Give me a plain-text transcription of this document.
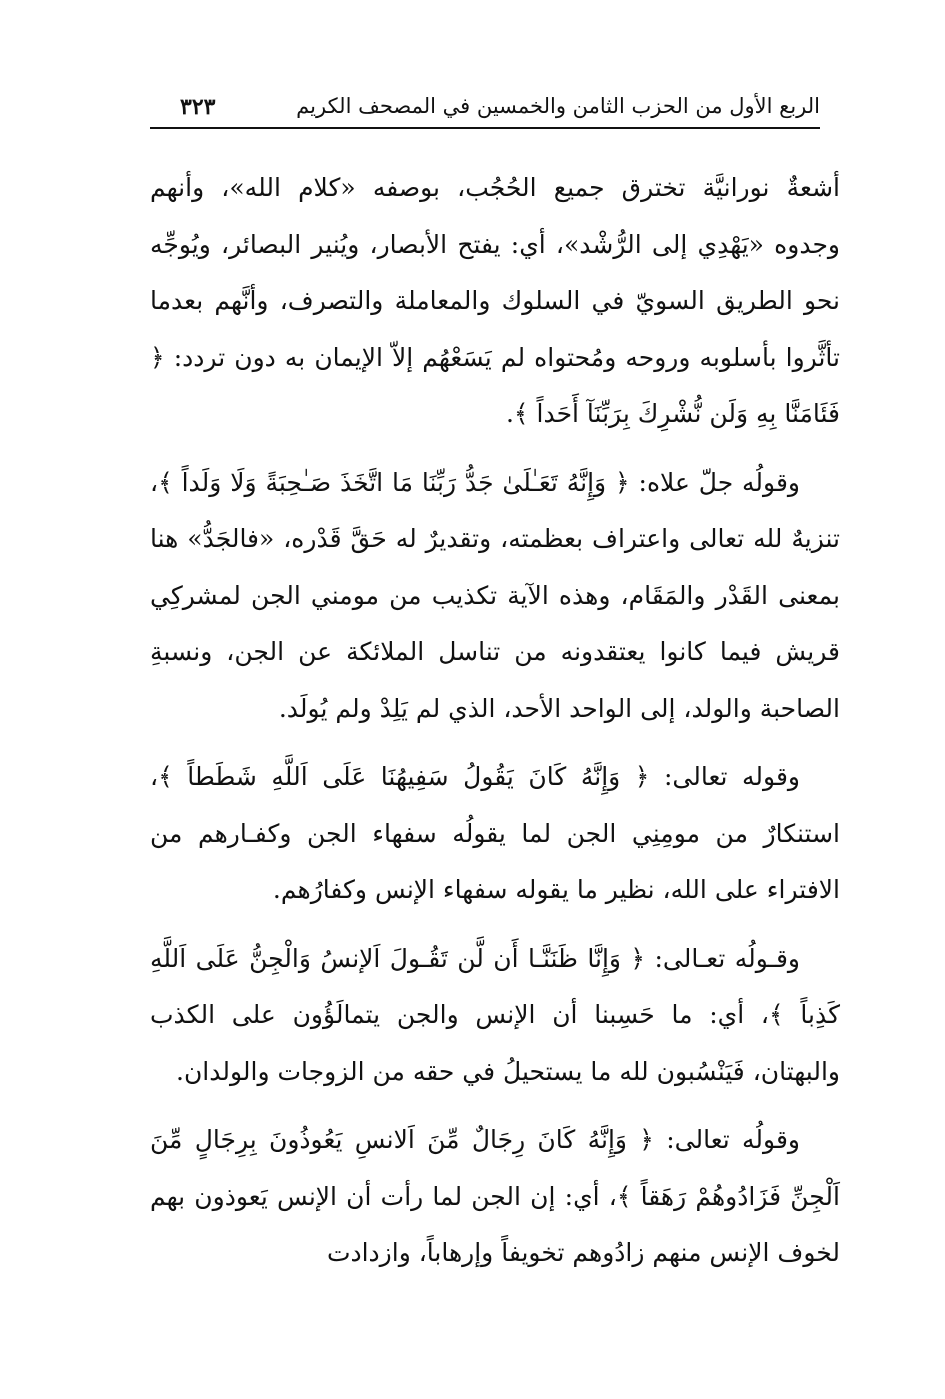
الربع الأول من الحزب الثامن والخمسين في المصحف الكريم
٣٢٣

أشعةٌ نورانيَّة تخترق جميع الحُجُب، بوصفه «كلام الله»، وأنهم وجدوه «يَهْدِي إلى الرُّشْد»، أي: يفتح الأبصار، ويُنير البصائر، ويُوجِّه نحو الطريق السويّ في السلوك والمعاملة والتصرف، وأنَّهم بعدما تأثَّروا بأسلوبه وروحه ومُحتواه لم يَسَعْهُم إلاّ الإيمان به دون تردد: ﴿ فَئَامَنَّا بِهِ وَلَن نُّشْرِكَ بِرَبِّنَآ أَحَداً ﴾.

وقولُه جلّ علاه: ﴿ وَإِنَّهُ تَعَـٰلَىٰ جَدُّ رَبِّنَا مَا اتَّخَذَ صَـٰحِبَةً وَلَا وَلَداً ﴾، تنزيهٌ لله تعالى واعتراف بعظمته، وتقديرٌ له حَقَّ قَدْره، «فالجَدُّ» هنا بمعنى القَدْر والمَقَام، وهذه الآية تكذيب من مومني الجن لمشركِي قريش فيما كانوا يعتقدونه من تناسل الملائكة عن الجن، ونسبةِ الصاحبة والولد، إلى الواحد الأحد، الذي لم يَلِدْ ولم يُولَد.

وقوله تعالى: ﴿ وَإِنَّهُ كَانَ يَقُولُ سَفِيهُنَا عَلَى اَللَّهِ شَطَطاً ﴾، استنكارٌ من مومِنِي الجن لما يقولُه سفهاء الجن وكفـارهم من الافتراء على الله، نظير ما يقوله سفهاء الإنس وكفارُهم.

وقـولُه تعـالى: ﴿ وَإِنَّا ظَنَنَّـا أَن لَّن تَقُـولَ اَلإنسُ وَالْجِنُّ عَلَى اَللَّهِ كَذِباً ﴾، أي: ما حَسِبنا أن الإنس والجن يتمالَؤُون على الكذب والبهتان، فَيَنْسُبون لله ما يستحيلُ في حقه من الزوجات والولدان.

وقولُه تعالى: ﴿ وَإِنَّهُ كَانَ رِجَالٌ مِّنَ اَلانسِ يَعُوذُونَ بِرِجَالٍ مِّنَ اَلْجِنِّ فَزَادُوهُمْ رَهَقاً ﴾، أي: إن الجن لما رأت أن الإنس يَعوذون بهم لخوف الإنس منهم زادُوهم تخويفاً وإرهاباً، وازدادت
